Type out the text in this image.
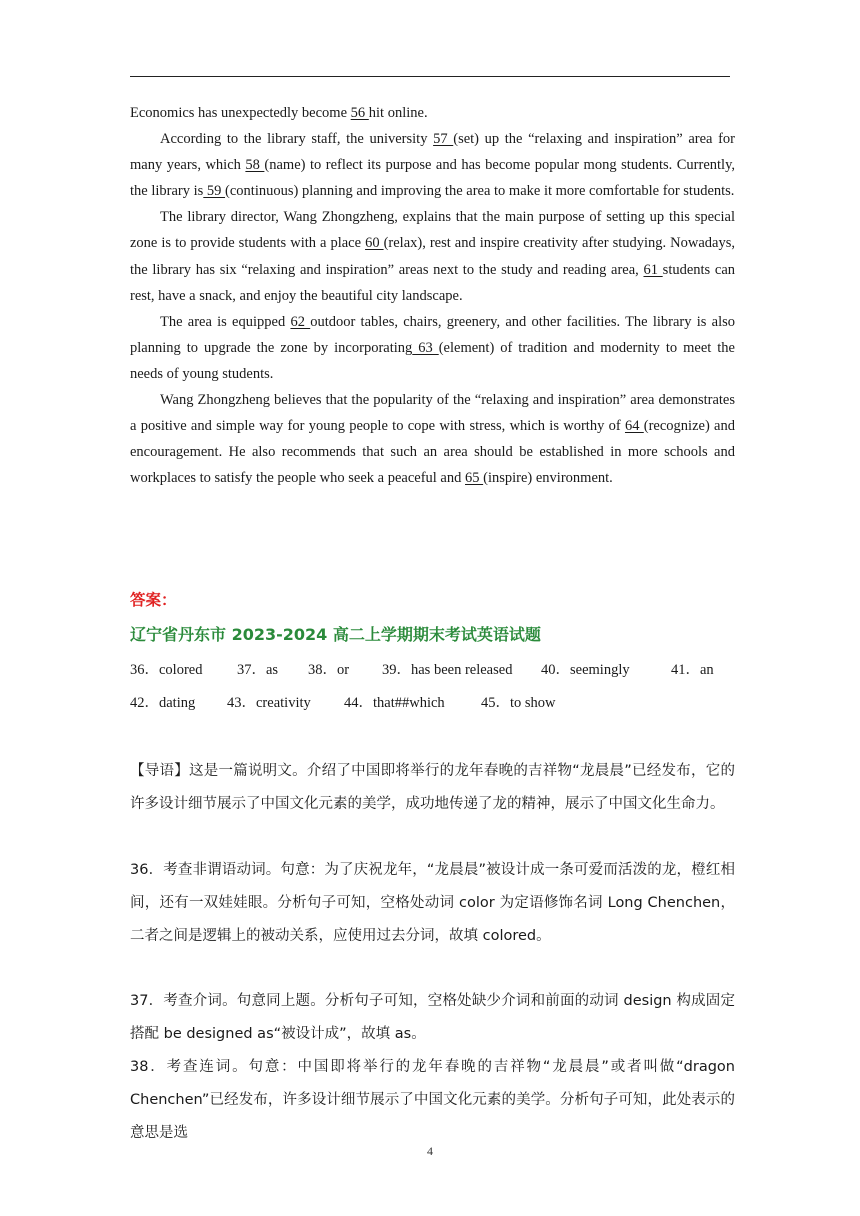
Economics has unexpectedly become 56 hit online.

According to the library staff, the university 57 (set) up the “relaxing and inspiration” area for many years, which 58 (name) to reflect its purpose and has become popular mong students. Currently, the library is 59 (continuous) planning and improving the area to make it more comfortable for students.

The library director, Wang Zhongzheng, explains that the main purpose of setting up this special zone is to provide students with a place 60 (relax), rest and inspire creativity after studying. Nowadays, the library has six “relaxing and inspiration” areas next to the study and reading area, 61 students can rest, have a snack, and enjoy the beautiful city landscape.

The area is equipped 62 outdoor tables, chairs, greenery, and other facilities. The library is also planning to upgrade the zone by incorporating 63 (element) of tradition and modernity to meet the needs of young students.

Wang Zhongzheng believes that the popularity of the “relaxing and inspiration” area demonstrates a positive and simple way for young people to cope with stress, which is worthy of 64 (recognize) and encouragement. He also recommends that such an area should be established in more schools and workplaces to satisfy the people who seek a peaceful and 65 (inspire) environment.

答案：

辽宁省丹东市 2023-2024 高二上学期期末考试英语试题

36．colored 37．as 38．or 39．has been released 40．seemingly	41．an
42．dating 43．creativity 44．that##which	45．to show

【导语】这是一篇说明文。介绍了中国即将举行的龙年春晚的吉祥物“龙晨晨”已经发布，它的许多设计细节展示了中国文化元素的美学，成功地传递了龙的精神，展示了中国文化生命力。

36．考查非谓语动词。句意：为了庆祝龙年，“龙晨晨”被设计成一条可爱而活泼的龙，橙红相间，还有一双娃娃眼。分析句子可知，空格处动词 color 为定语修饰名词 Long Chenchen，二者之间是逻辑上的被动关系，应使用过去分词，故填 colored。

37．考查介词。句意同上题。分析句子可知，空格处缺少介词和前面的动词 design 构成固定搭配 be designed as“被设计成”，故填 as。

38．考查连词。句意：中国即将举行的龙年春晚的吉祥物“龙晨晨”或者叫做“dragon Chenchen”已经发布，许多设计细节展示了中国文化元素的美学。分析句子可知，此处表示的意思是选

4
